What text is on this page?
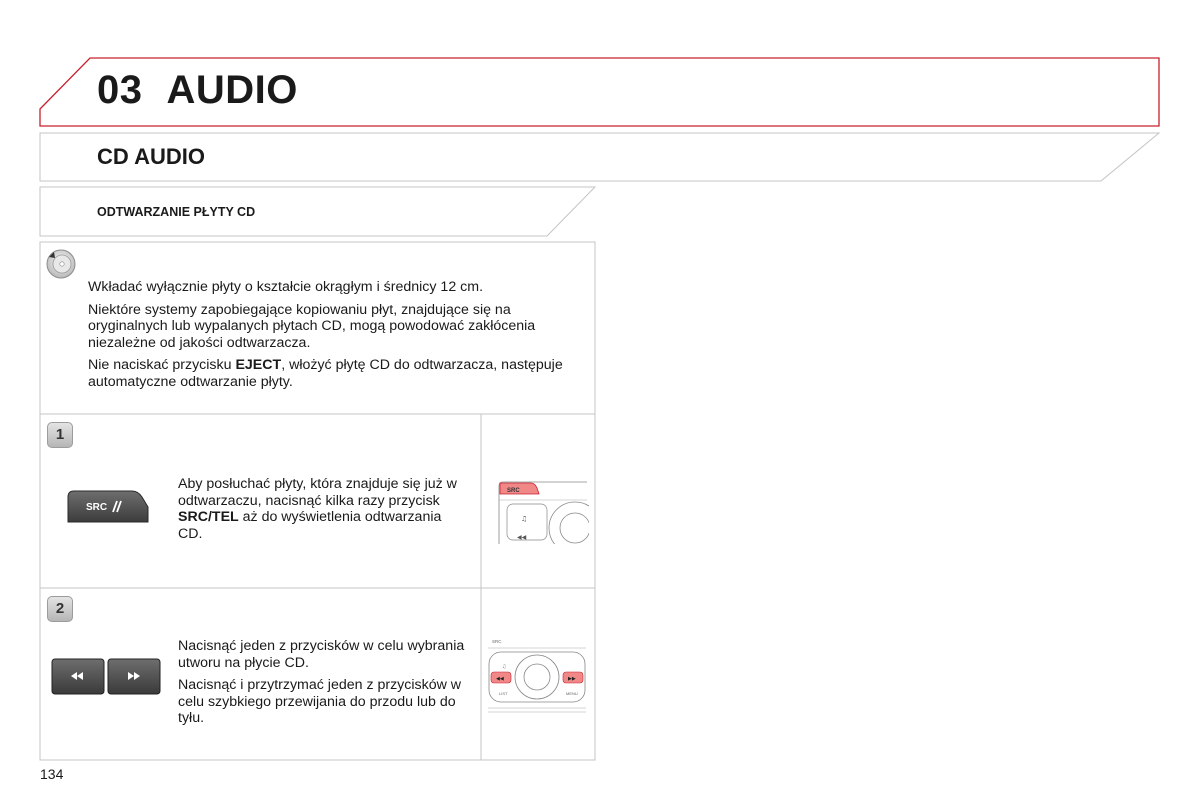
03 AUDIO
CD AUDIO
ODTWARZANIE PŁYTY CD

Wkładać wyłącznie płyty o kształcie okrągłym i średnicy 12 cm.

Niektóre systemy zapobiegające kopiowaniu płyt, znajdujące się na oryginalnych lub wypalanych płytach CD, mogą powodować zakłócenia niezależne od jakości odtwarzacza.

Nie naciskać przycisku EJECT, włożyć płytę CD do odtwarzacza, następuje automatyczne odtwarzanie płyty.

1
SRC

Aby posłuchać płyty, która znajduje się już w odtwarzaczu, nacisnąć kilka razy przycisk SRC/TEL aż do wyświetlenia odtwarzania CD.

SRC
♫
◀◀
2

Nacisnąć jeden z przycisków w celu wybrania utworu na płycie CD.

Nacisnąć i przytrzymać jeden z przycisków w celu szybkiego przewijania do przodu lub do tyłu.

SRC
♫
◀◀	▶▶
LIST	MENU
134
